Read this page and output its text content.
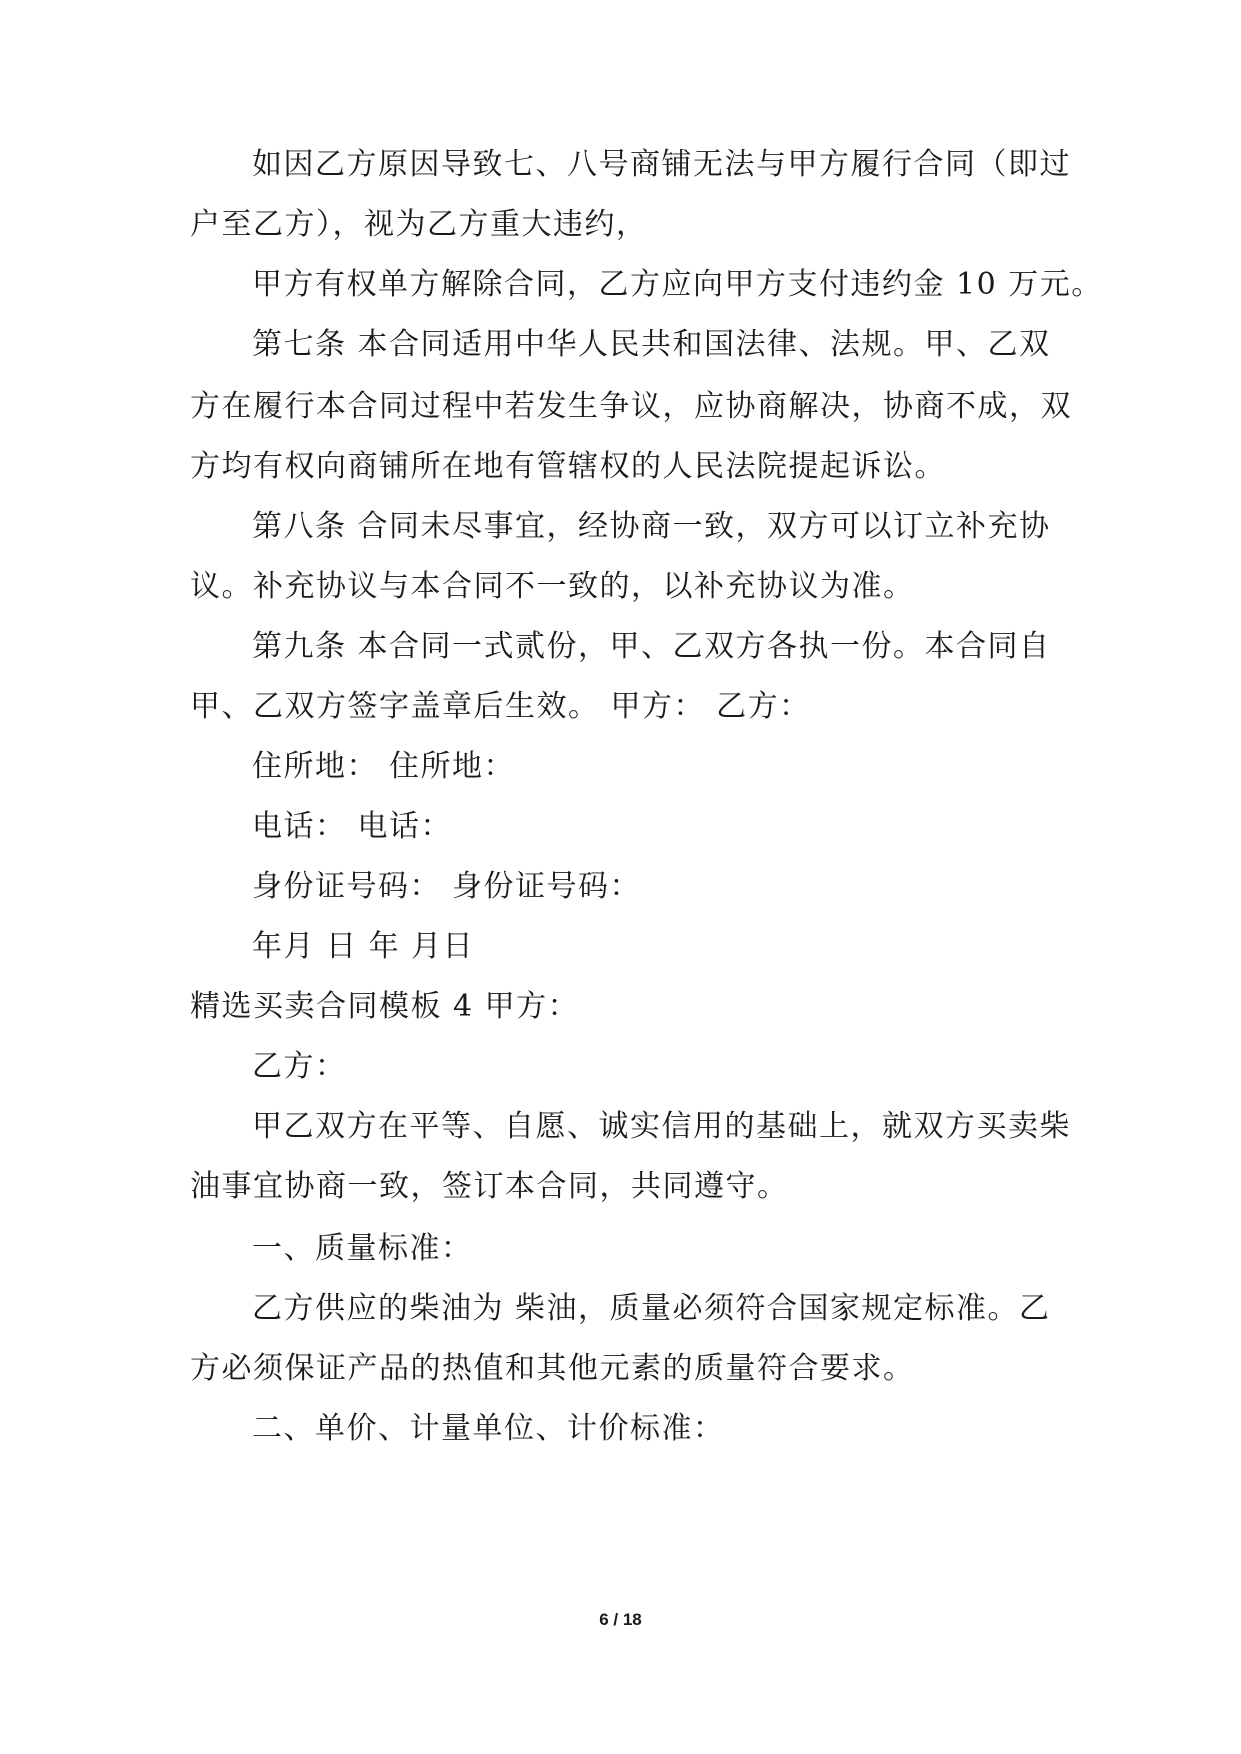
如因乙方原因导致七、八号商铺无法与甲方履行合同（即过
户至乙方），视为乙方重大违约，
甲方有权单方解除合同，乙方应向甲方支付违约金 10 万元。
第七条 本合同适用中华人民共和国法律、法规。甲、乙双
方在履行本合同过程中若发生争议，应协商解决，协商不成，双
方均有权向商铺所在地有管辖权的人民法院提起诉讼。
第八条 合同未尽事宜，经协商一致，双方可以订立补充协
议。补充协议与本合同不一致的，以补充协议为准。
第九条 本合同一式贰份，甲、乙双方各执一份。本合同自
甲、乙双方签字盖章后生效。 甲方： 乙方：
住所地： 住所地：
电话： 电话：
身份证号码： 身份证号码：
年月 日 年 月日
精选买卖合同模板 4 甲方：
乙方：
甲乙双方在平等、自愿、诚实信用的基础上，就双方买卖柴
油事宜协商一致，签订本合同，共同遵守。
一、质量标准：
乙方供应的柴油为 柴油，质量必须符合国家规定标准。乙
方必须保证产品的热值和其他元素的质量符合要求。
二、单价、计量单位、计价标准：
6 / 18
